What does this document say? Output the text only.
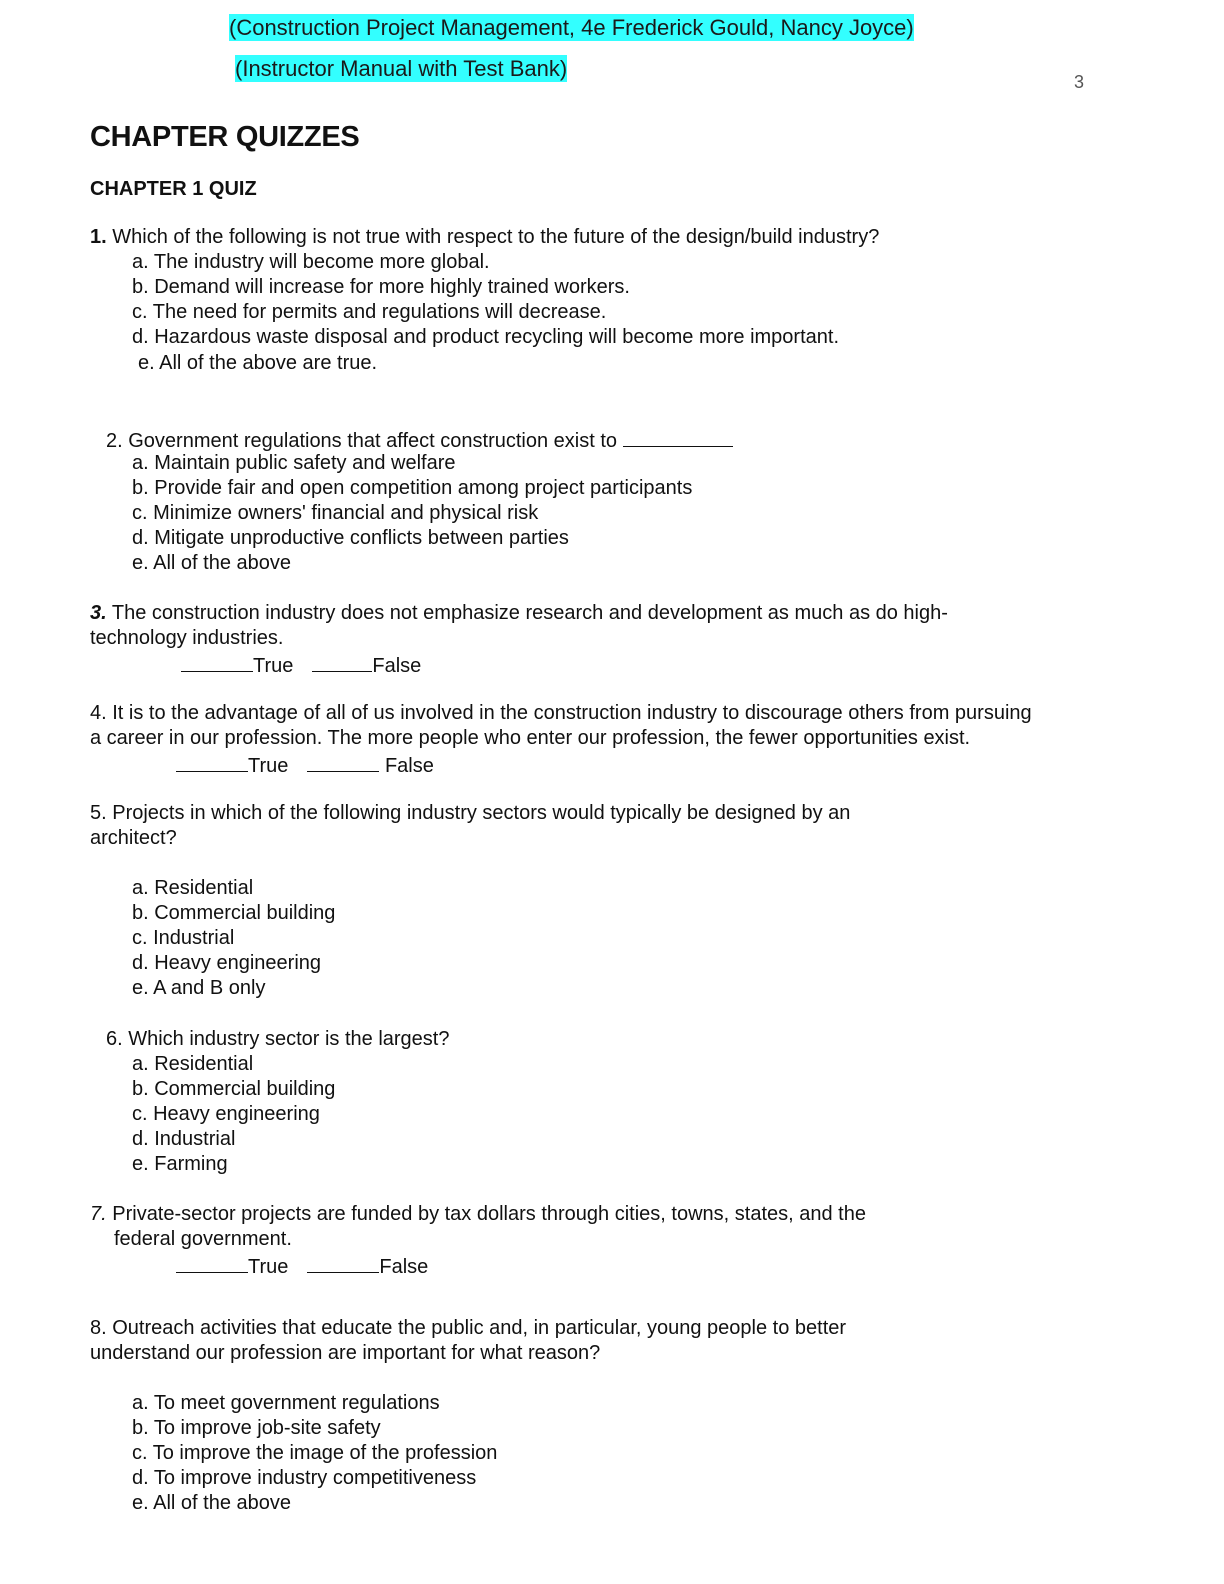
(Construction Project Management, 4e Frederick Gould, Nancy Joyce)
(Instructor Manual with Test Bank)
3
CHAPTER QUIZZES
CHAPTER 1 QUIZ
1. Which of the following is not true with respect to the future of the design/build industry?
a. The industry will become more global.
b. Demand will increase for more highly trained workers.
c. The need for permits and regulations will decrease.
d. Hazardous waste disposal and product recycling will become more important.
e. All of the above are true.
2. Government regulations that affect construction exist to
a. Maintain public safety and welfare
b. Provide fair and open competition among project participants
c. Minimize owners' financial and physical risk
d. Mitigate unproductive conflicts between parties
e. All of the above
3. The construction industry does not emphasize research and development as much as do high-
technology industries.
True	False
4. It is to the advantage of all of us involved in the construction industry to discourage others from pursuing
a career in our profession. The more people who enter our profession, the fewer opportunities exist.
True	False
5. Projects in which of the following industry sectors would typically be designed by an
architect?
a. Residential
b. Commercial building
c. Industrial
d. Heavy engineering
e. A and B only
6. Which industry sector is the largest?
a. Residential
b. Commercial building
c. Heavy engineering
d. Industrial
e. Farming
7. Private-sector projects are funded by tax dollars through cities, towns, states, and the
federal government.
True	False
8. Outreach activities that educate the public and, in particular, young people to better
understand our profession are important for what reason?
a. To meet government regulations
b. To improve job-site safety
c. To improve the image of the profession
d. To improve industry competitiveness
e. All of the above
